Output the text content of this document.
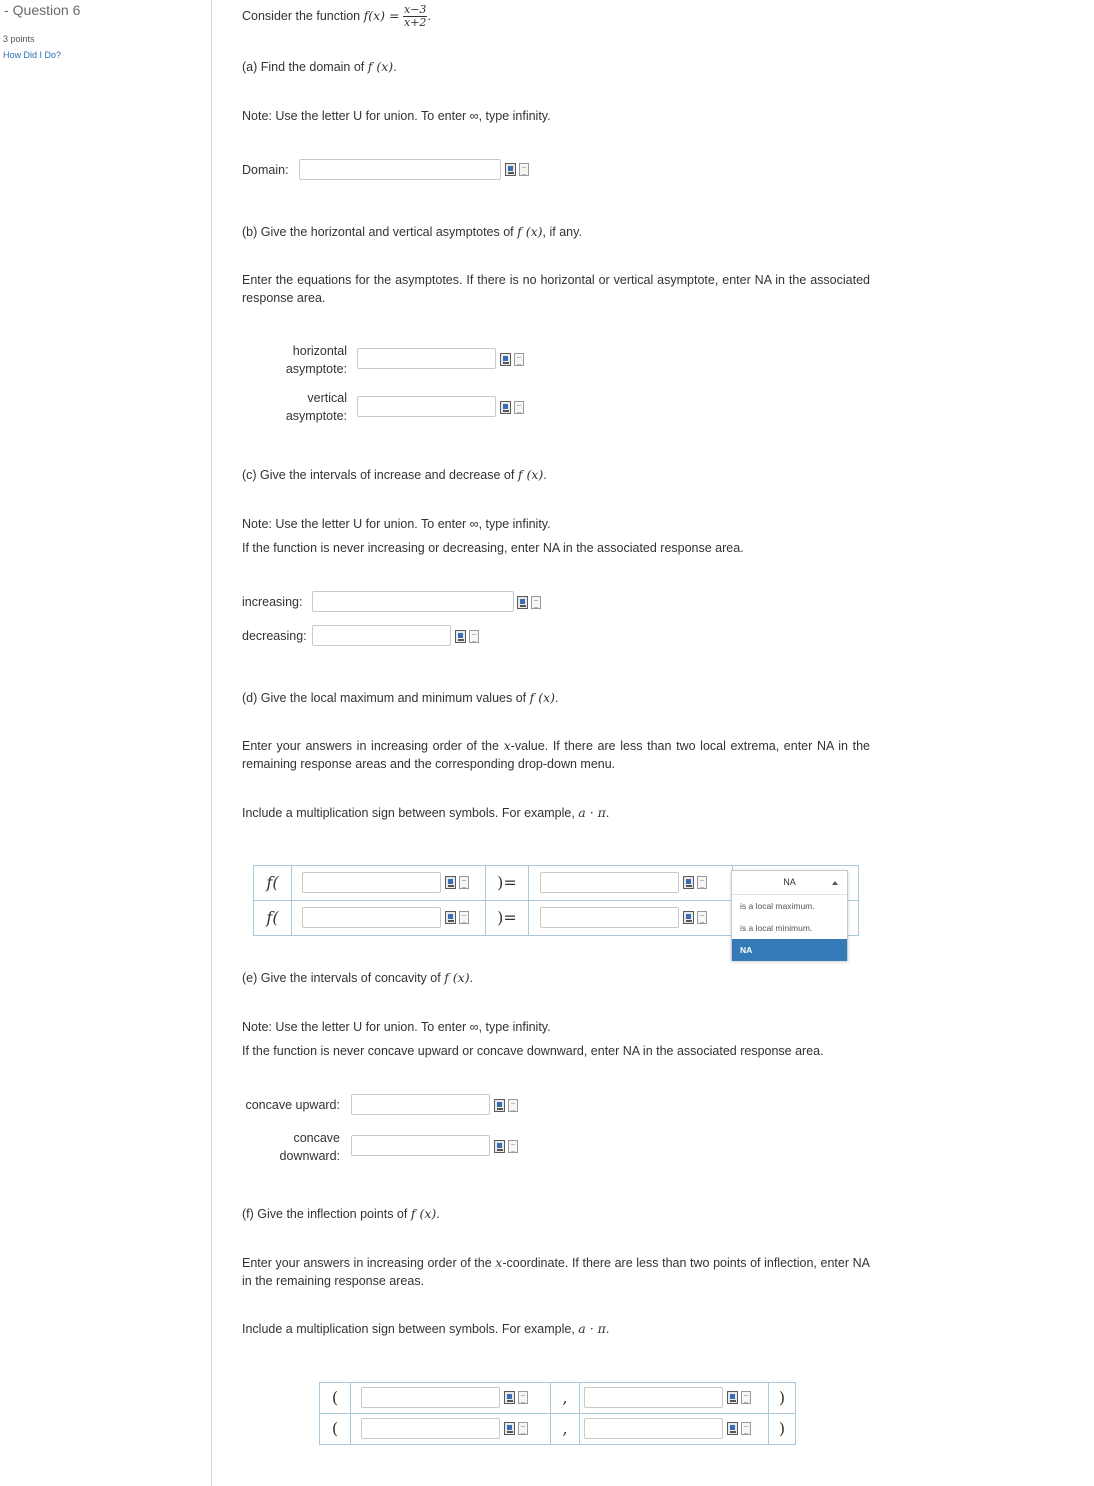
- Question 6
3 points
How Did I Do?
Consider the function $f(x) = \frac{x-3}{x+2}$ .
(a) Find the domain of f (x).
Note: Use the letter U for union. To enter ∞, type infinity.
Domain:
(b) Give the horizontal and vertical asymptotes of f (x), if any.
Enter the equations for the asymptotes. If there is no horizontal or vertical asymptote, enter NA in the associated response area.
horizontal
asymptote:
vertical
asymptote:
(c) Give the intervals of increase and decrease of f (x).
Note: Use the letter U for union. To enter ∞, type infinity.
If the function is never increasing or decreasing, enter NA in the associated response area.
increasing:
decreasing:
(d) Give the local maximum and minimum values of f (x).
Enter your answers in increasing order of the x-value. If there are less than two local extrema, enter NA in the remaining response areas and the corresponding drop-down menu.
Include a multiplication sign between symbols. For example, a · π.
f(		)=	

f(		)=	

NA
is a local maximum.
is a local minimum.
NA
(e) Give the intervals of concavity of f (x).
Note: Use the letter U for union. To enter ∞, type infinity.
If the function is never concave upward or concave downward, enter NA in the associated response area.
concave upward:
concave
downward:
(f) Give the inflection points of f (x).
Enter your answers in increasing order of the x-coordinate. If there are less than two points of inflection, enter NA in the remaining response areas.
Include a multiplication sign between symbols. For example, a · π.
(		,		)
(		,		)
